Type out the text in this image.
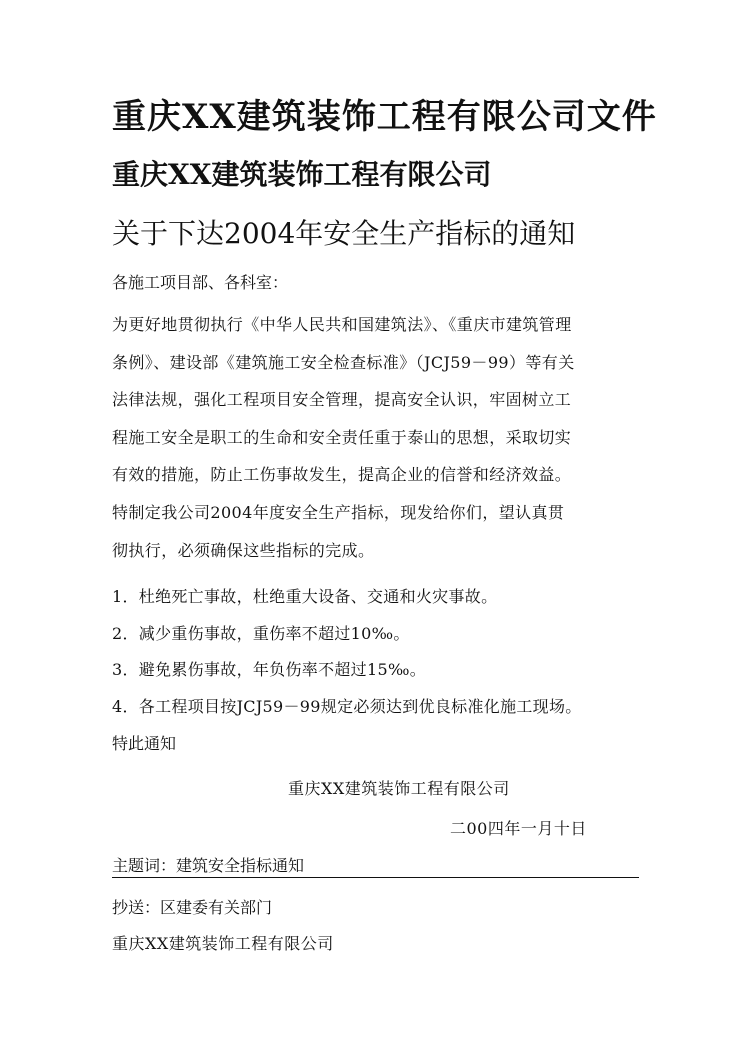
重庆XX建筑装饰工程有限公司文件
重庆XX建筑装饰工程有限公司
关于下达2004年安全生产指标的通知
各施工项目部、各科室：
为更好地贯彻执行《中华人民共和国建筑法》、《重庆市建筑管理
条例》、建设部《建筑施工安全检查标准》（JCJ59－99）等有关
法律法规，强化工程项目安全管理，提高安全认识，牢固树立工
程施工安全是职工的生命和安全责任重于泰山的思想，采取切实
有效的措施，防止工伤事故发生，提高企业的信誉和经济效益。
特制定我公司2004年度安全生产指标，现发给你们，望认真贯
彻执行，必须确保这些指标的完成。
1．杜绝死亡事故，杜绝重大设备、交通和火灾事故。
2．减少重伤事故，重伤率不超过10‰。
3．避免累伤事故，年负伤率不超过15‰。
4．各工程项目按JCJ59－99规定必须达到优良标准化施工现场。
特此通知
重庆XX建筑装饰工程有限公司
二00四年一月十日
主题词：建筑安全指标通知
抄送：区建委有关部门
重庆XX建筑装饰工程有限公司
